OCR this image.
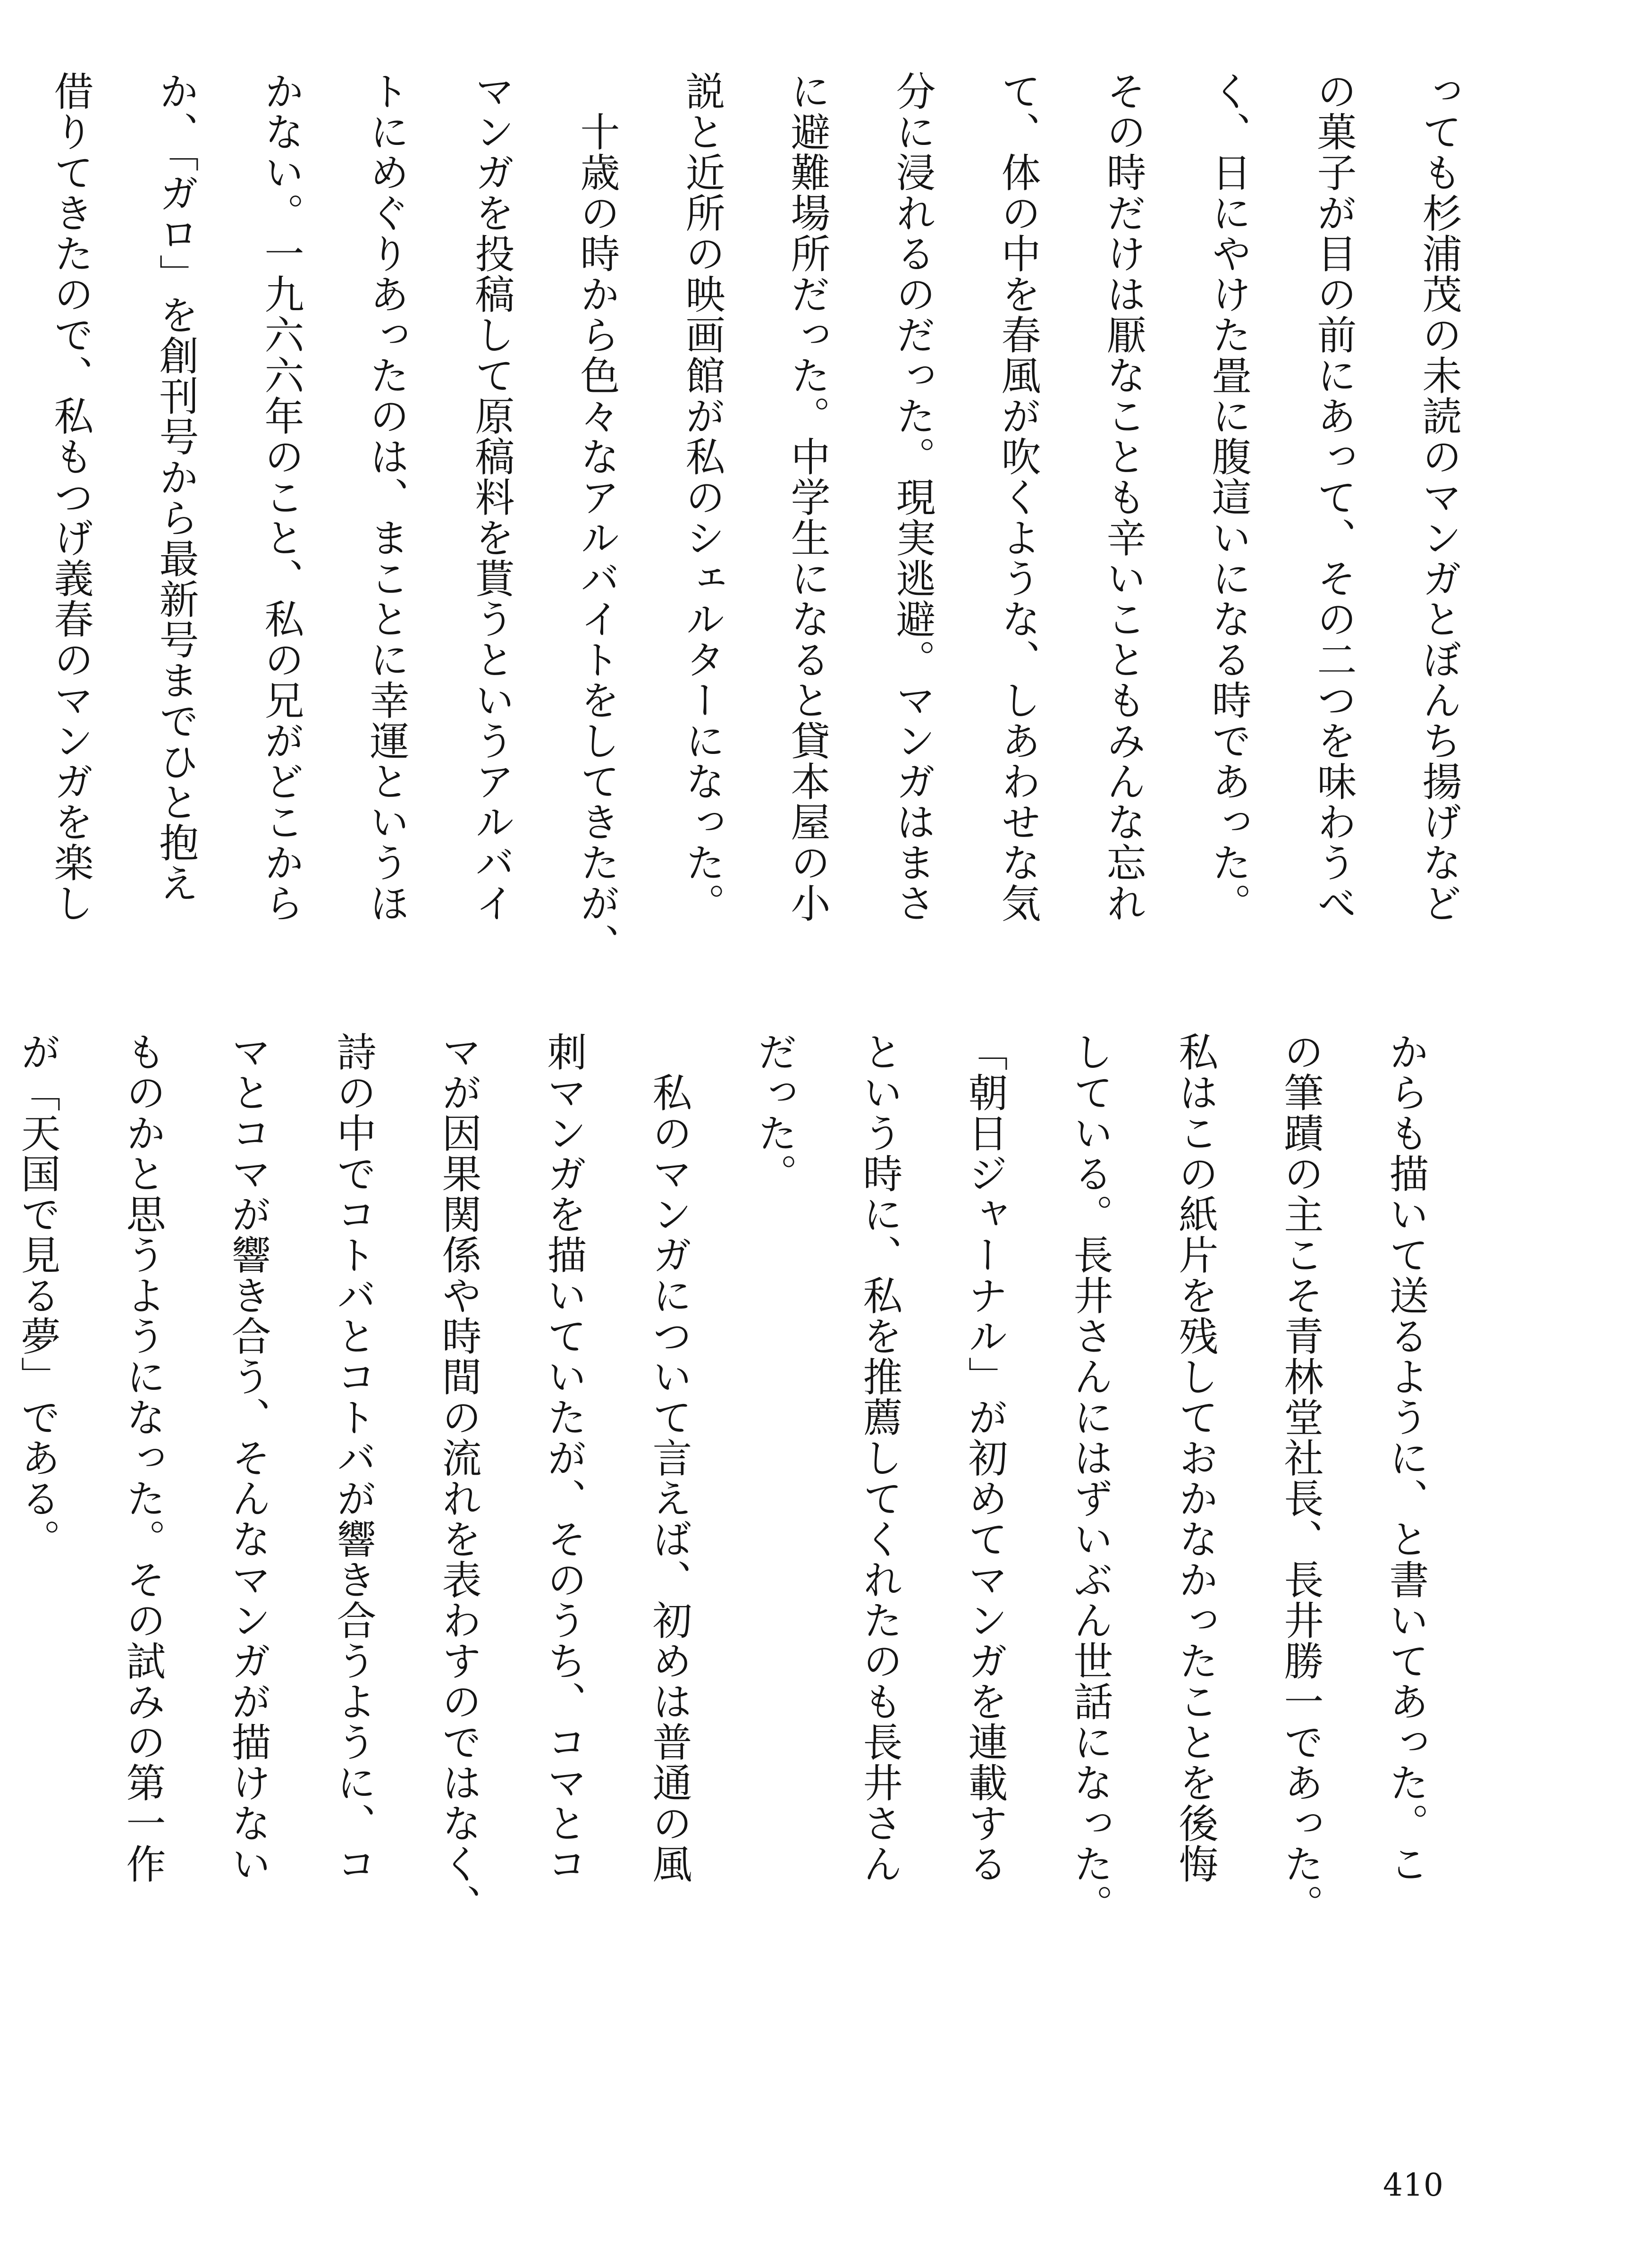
っても杉浦茂の未読のマンガとぼんち揚げなど
の菓子が目の前にあって、その二つを味わうべ
く、日にやけた畳に腹這いになる時であった。
その時だけは厭なことも辛いこともみんな忘れ
て、体の中を春風が吹くような、しあわせな気
分に浸れるのだった。現実逃避。マンガはまさ
に避難場所だった。中学生になると貸本屋の小
説と近所の映画館が私のシェルターになった。
　十歳の時から色々なアルバイトをしてきたが、
マンガを投稿して原稿料を貰うというアルバイ
トにめぐりあったのは、まことに幸運というほ
かない。一九六六年のこと、私の兄がどこから
か、「ガロ」を創刊号から最新号までひと抱え
借りてきたので、私もつげ義春のマンガを楽し
からも描いて送るように、と書いてあった。こ
の筆蹟の主こそ青林堂社長、長井勝一であった。
私はこの紙片を残しておかなかったことを後悔
している。長井さんにはずいぶん世話になった。
「朝日ジャーナル」が初めてマンガを連載する
という時に、私を推薦してくれたのも長井さん
だった。
　私のマンガについて言えば、初めは普通の風
刺マンガを描いていたが、そのうち、コマとコ
マが因果関係や時間の流れを表わすのではなく、
詩の中でコトバとコトバが響き合うように、コ
マとコマが響き合う、そんなマンガが描けない
ものかと思うようになった。その試みの第一作
が「天国で見る夢」である。
410
